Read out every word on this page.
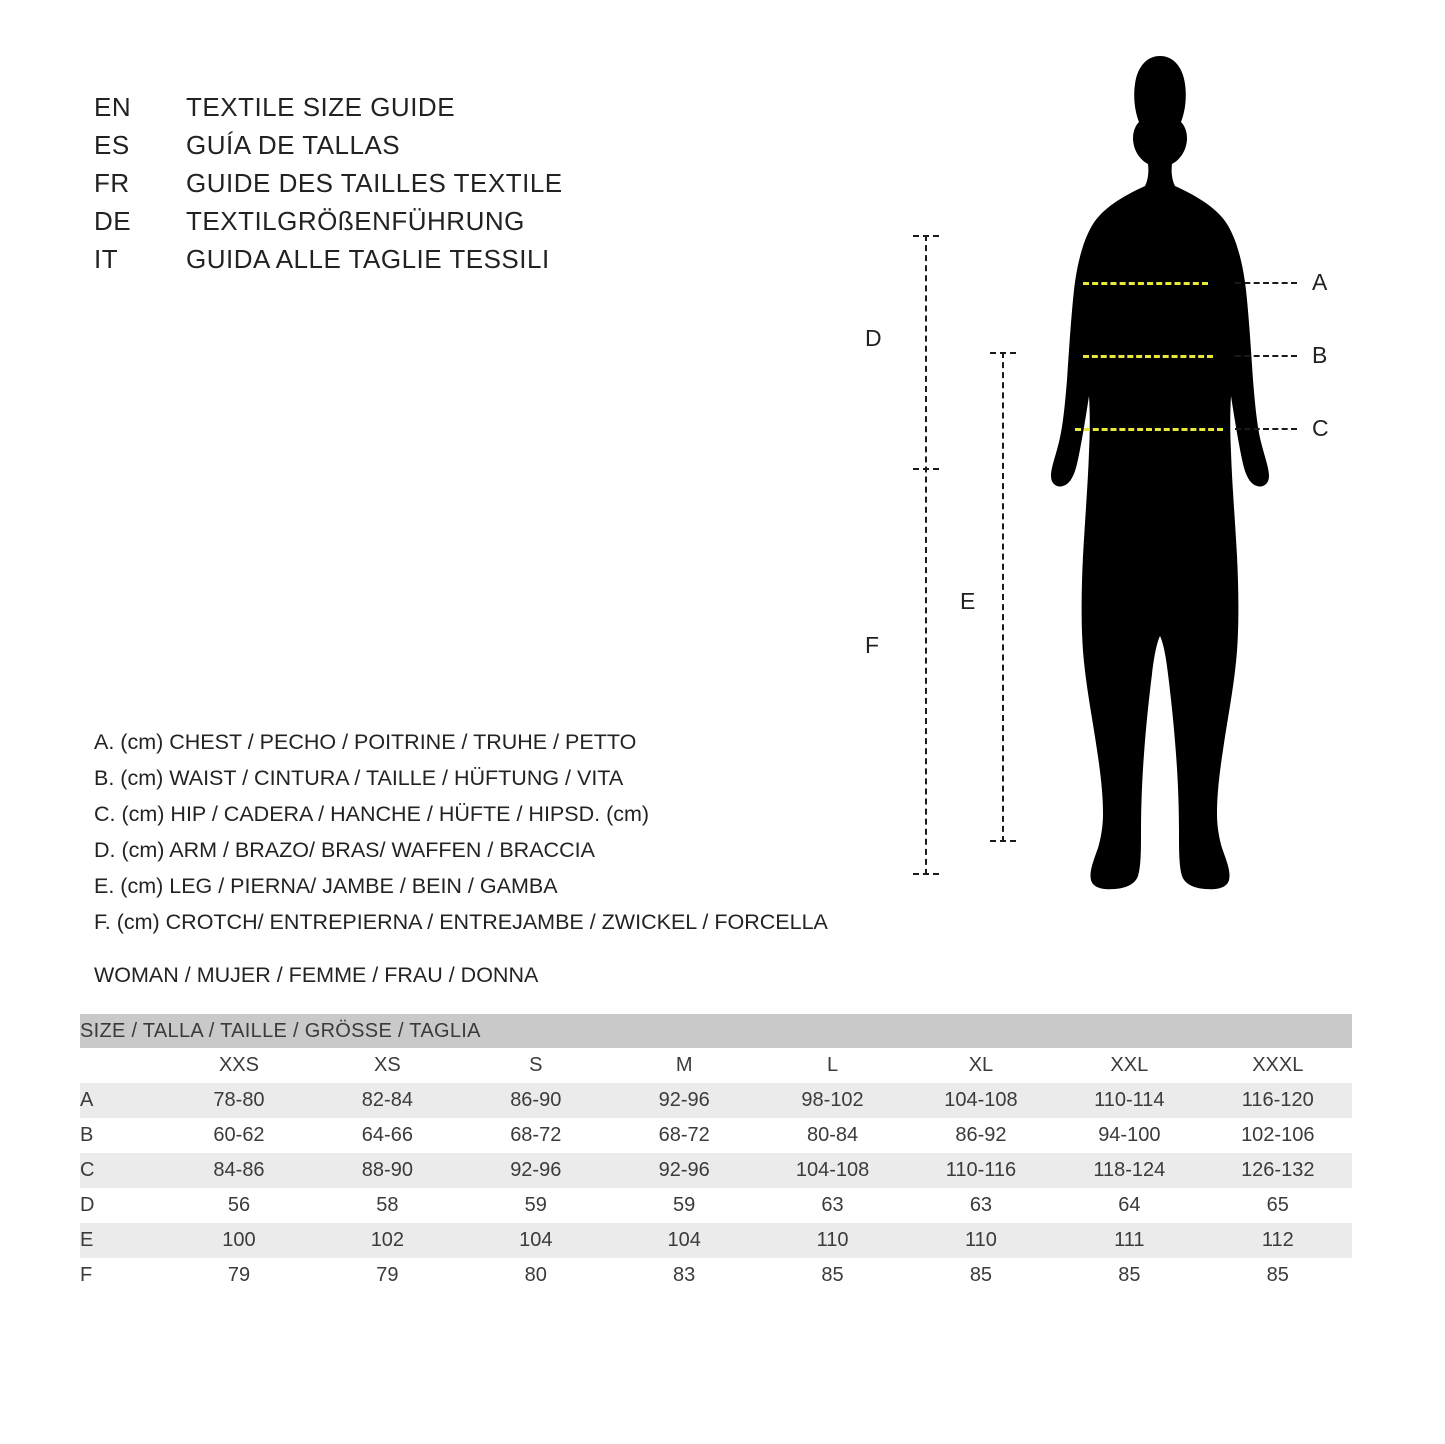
EN	TEXTILE SIZE GUIDE
ES	GUÍA DE TALLAS
FR	GUIDE DES TAILLES TEXTILE
DE	TEXTILGRÖßENFÜHRUNG
IT	GUIDA ALLE TAGLIE TESSILI
D
F
E
A
B
C
A. (cm) CHEST / PECHO / POITRINE / TRUHE / PETTO
B. (cm) WAIST / CINTURA / TAILLE / HÜFTUNG / VITA
C. (cm) HIP / CADERA / HANCHE / HÜFTE / HIPSD. (cm)
D. (cm) ARM / BRAZO/ BRAS/ WAFFEN / BRACCIA
E. (cm) LEG / PIERNA/ JAMBE / BEIN / GAMBA
F. (cm) CROTCH/ ENTREPIERNA / ENTREJAMBE / ZWICKEL / FORCELLA
WOMAN / MUJER / FEMME / FRAU / DONNA
SIZE / TALLA / TAILLE / GRÖSSE / TAGLIA								
	XXS	XS	S	M	L	XL	XXL	XXXL
A	78-80	82-84	86-90	92-96	98-102	104-108	110-114	116-120
B	60-62	64-66	68-72	68-72	80-84	86-92	94-100	102-106
C	84-86	88-90	92-96	92-96	104-108	110-116	118-124	126-132
D	56	58	59	59	63	63	64	65
E	100	102	104	104	110	110	111	112
F	79	79	80	83	85	85	85	85
